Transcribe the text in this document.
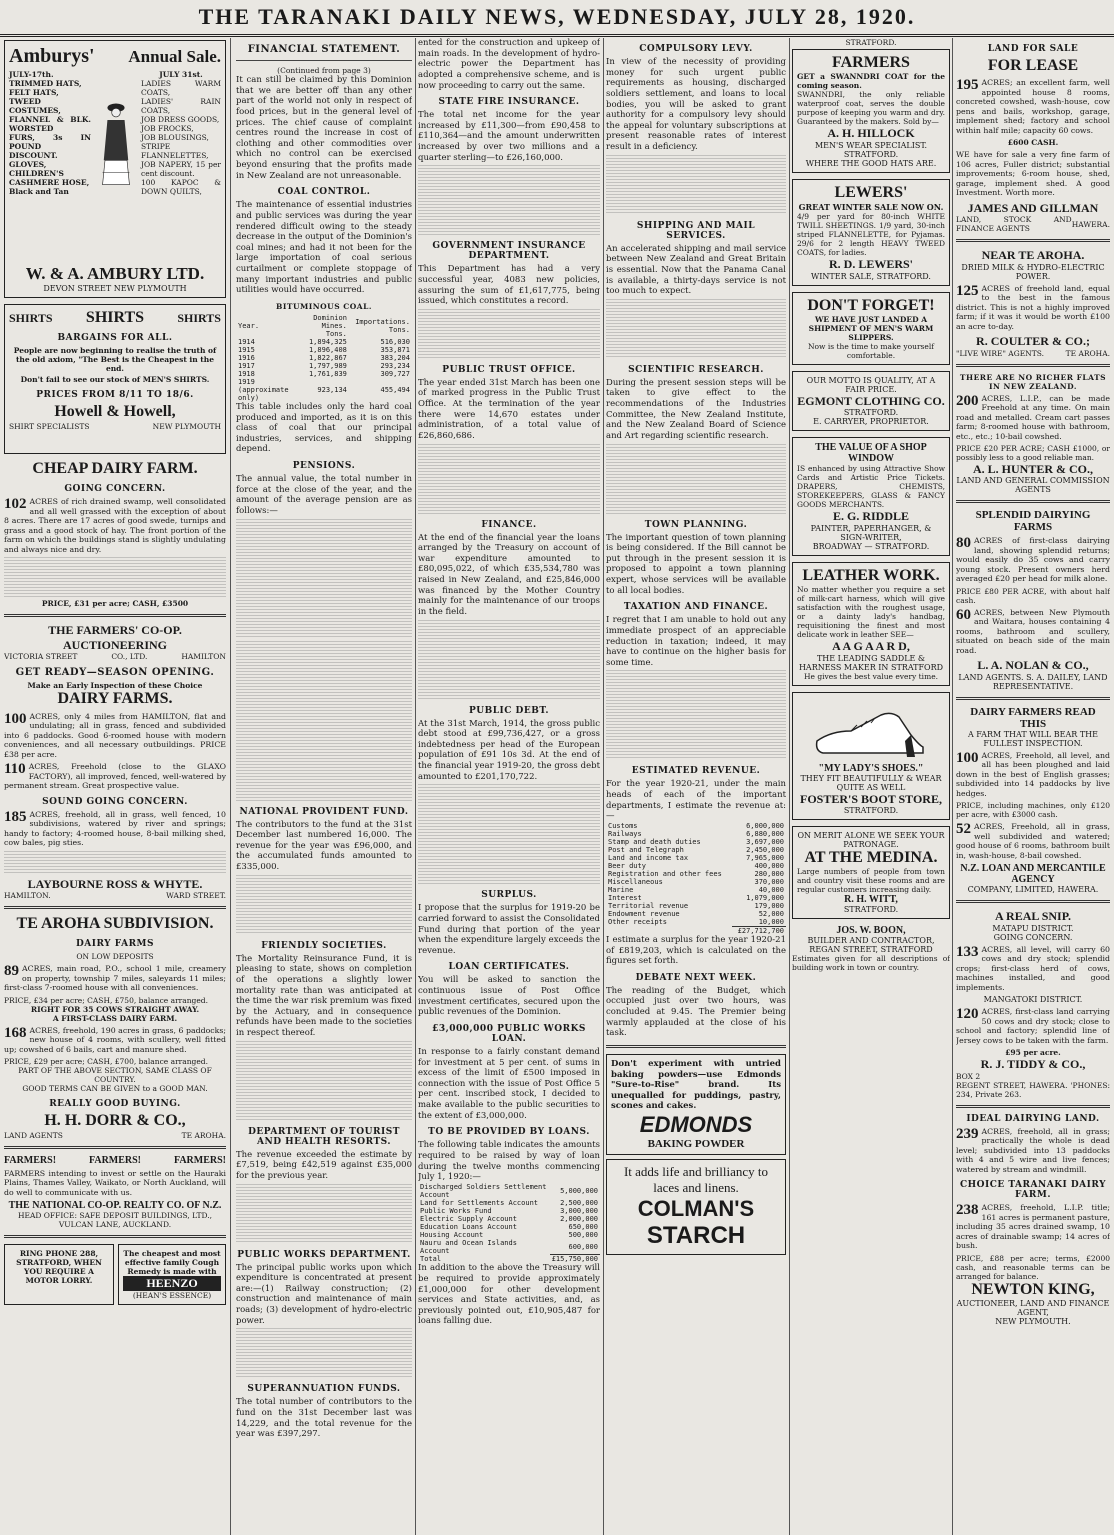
THE TARANAKI DAILY NEWS, WEDNESDAY, JULY 28, 1920.
Amburys' Annual Sale.
JULY-17th.
TRIMMED HATS,
FELT HATS,
TWEED COSTUMES,
FLANNEL & BLK. WORSTED
FURS, 3s IN POUND DISCOUNT.
GLOVES,
CHILDREN'S CASHMERE HOSE,
Black and Tan
JULY 31st.
LADIES WARM COATS,
LADIES' RAIN COATS,
JOB DRESS GOODS,
JOB FROCKS,
JOB BLOUSINGS,
STRIPE FLANNELETTES,
JOB NAPERY, 15 per cent discount.
100 KAPOC & DOWN QUILTS,
W. & A. AMBURY LTD.
DEVON STREET NEW PLYMOUTH
SHIRTS SHIRTS	SHIRTS
BARGAINS FOR ALL.
People are now beginning to realise the truth of the old axiom, "The Best is the Cheapest in the end.
Don't fail to see our stock of MEN'S SHIRTS.
PRICES FROM 8/11 TO 18/6.
Howell & Howell,
SHIRT SPECIALISTS	NEW PLYMOUTH
CHEAP DAIRY FARM.
GOING CONCERN.
102 ACRES of rich drained swamp, well consolidated and all well grassed with the exception of about 8 acres. There are 17 acres of good swede, turnips and grass and a good stock of hay. The front portion of the farm on which the buildings stand is slightly undulating and always nice and dry.
PRICE, £31 per acre; CASH, £3500
THE FARMERS' CO-OP. AUCTIONEERING
VICTORIA STREET	CO., LTD.	HAMILTON
GET READY—SEASON OPENING.
Make an Early Inspection of these Choice
DAIRY FARMS.
100 ACRES, only 4 miles from HAMILTON, flat and undulating; all in grass, fenced and subdivided into 6 paddocks. Good 6-roomed house with modern conveniences, and all necessary outbuildings. PRICE £38 per acre.
110 ACRES, Freehold (close to the GLAXO FACTORY), all improved, fenced, well-watered by permanent stream. Great prospective value.
SOUND GOING CONCERN.
185 ACRES, freehold, all in grass, well fenced, 10 subdivisions, watered by river and springs; handy to factory; 4-roomed house, 8-bail milking shed, cow bales, pig sties.
LAYBOURNE ROSS & WHYTE.
HAMILTON.	WARD STREET.
TE AROHA SUBDIVISION.
DAIRY FARMS
ON LOW DEPOSITS
89 ACRES, main road, P.O., school 1 mile, creamery on property, township 7 miles, saleyards 11 miles; first-class 7-roomed house with all conveniences.
PRICE, £34 per acre; CASH, £750, balance arranged.
RIGHT FOR 35 COWS STRAIGHT AWAY.
A FIRST-CLASS DAIRY FARM.
168 ACRES, freehold, 190 acres in grass, 6 paddocks; new house of 4 rooms, with scullery, well fitted up; cowshed of 6 bails, cart and manure shed.
PRICE, £29 per acre; CASH, £700, balance arranged.
PART OF THE ABOVE SECTION, SAME CLASS OF COUNTRY.
GOOD TERMS CAN BE GIVEN to a GOOD MAN.
REALLY GOOD BUYING.
H. H. DORR & CO.,
LAND AGENTS	TE AROHA.
FARMERS!	FARMERS!	FARMERS!
FARMERS intending to invest or settle on the Hauraki Plains, Thames Valley, Waikato, or North Auckland, will do well to communicate with us.
THE NATIONAL CO-OP. REALTY CO. OF N.Z.
HEAD OFFICE: SAFE DEPOSIT BUILDINGS, LTD., VULCAN LANE, AUCKLAND.
RING PHONE 288, STRATFORD, WHEN YOU REQUIRE A MOTOR LORRY.
The cheapest and most effective family Cough Remedy is made with
HEENZO
(HEAN'S ESSENCE)
FINANCIAL STATEMENT.
(Continued from page 3)
It can still be claimed by this Dominion that we are better off than any other part of the world not only in respect of food prices, but in the general level of prices. The chief cause of complaint centres round the increase in cost of clothing and other commodities over which no control can be exercised beyond ensuring that the profits made in New Zealand are not unreasonable.
COAL CONTROL.
The maintenance of essential industries and public services was during the year rendered difficult owing to the steady decrease in the output of the Dominion's coal mines; and had it not been for the large importation of coal serious curtailment or complete stoppage of many important industries and public utilities would have occurred.
BITUMINOUS COAL.
Year.	Dominion Mines. Tons.	Importations. Tons.
1914	1,894,325	516,030
1915	1,896,408	353,871
1916	1,822,867	383,204
1917	1,797,989	293,234
1918	1,761,839	309,727
1919 (approximate only)	923,134	455,494
This table includes only the hard coal produced and imported, as it is on this class of coal that our principal industries, services, and shipping depend.
PENSIONS.
The annual value, the total number in force at the close of the year, and the amount of the average pension are as follows:—
NATIONAL PROVIDENT FUND.
The contributors to the fund at the 31st December last numbered 16,000. The revenue for the year was £96,000, and the accumulated funds amounted to £335,000.
FRIENDLY SOCIETIES.
The Mortality Reinsurance Fund, it is pleasing to state, shows on completion of the operations a slightly lower mortality rate than was anticipated at the time the war risk premium was fixed by the Actuary, and in consequence refunds have been made to the societies in respect thereof.
DEPARTMENT OF TOURIST AND HEALTH RESORTS.
The revenue exceeded the estimate by £7,519, being £42,519 against £35,000 for the previous year.
PUBLIC WORKS DEPARTMENT.
The principal public works upon which expenditure is concentrated at present are:—(1) Railway construction; (2) construction and maintenance of main roads; (3) development of hydro-electric power.
SUPERANNUATION FUNDS.
The total number of contributors to the fund on the 31st December last was 14,229, and the total revenue for the year was £397,297.
ented for the construction and upkeep of main roads. In the development of hydro-electric power the Department has adopted a comprehensive scheme, and is now proceeding to carry out the same.
STATE FIRE INSURANCE.
The total net income for the year increased by £11,300—from £90,458 to £110,364—and the amount underwritten increased by over two millions and a quarter sterling—to £26,160,000.
GOVERNMENT INSURANCE DEPARTMENT.
This Department has had a very successful year, 4083 new policies, assuring the sum of £1,617,775, being issued, which constitutes a record.
PUBLIC TRUST OFFICE.
The year ended 31st March has been one of marked progress in the Public Trust Office. At the termination of the year there were 14,670 estates under administration, of a total value of £26,860,686.
FINANCE.
At the end of the financial year the loans arranged by the Treasury on account of war expenditure amounted to £80,095,022, of which £35,534,780 was raised in New Zealand, and £25,846,000 was financed by the Mother Country mainly for the maintenance of our troops in the field.
PUBLIC DEBT.
At the 31st March, 1914, the gross public debt stood at £99,736,427, or a gross indebtedness per head of the European population of £91 10s 3d. At the end of the financial year 1919-20, the gross debt amounted to £201,170,722.
SURPLUS.
I propose that the surplus for 1919-20 be carried forward to assist the Consolidated Fund during that portion of the year when the expenditure largely exceeds the revenue.
LOAN CERTIFICATES.
You will be asked to sanction the continuous issue of Post Office investment certificates, secured upon the public revenues of the Dominion.
£3,000,000 PUBLIC WORKS LOAN.
In response to a fairly constant demand for investment at 5 per cent. of sums in excess of the limit of £500 imposed in connection with the issue of Post Office 5 per cent. inscribed stock, I decided to make available to the public securities to the extent of £3,000,000.
TO BE PROVIDED BY LOANS.
The following table indicates the amounts required to be raised by way of loan during the twelve months commencing July 1, 1920:—
Discharged Soldiers Settlement Account	5,000,000
Land for Settlements Account	2,500,000
Public Works Fund	3,000,000
Electric Supply Account	2,000,000
Education Loans Account	650,000
Housing Account	500,000
Nauru and Ocean Islands Account	600,000
Total	£15,750,000
In addition to the above the Treasury will be required to provide approximately £1,000,000 for other development services and State activities, and, as previously pointed out, £10,905,487 for loans falling due.
COMPULSORY LEVY.
In view of the necessity of providing money for such urgent public requirements as housing, discharged soldiers settlement, and loans to local bodies, you will be asked to grant authority for a compulsory levy should the appeal for voluntary subscriptions at present reasonable rates of interest result in a deficiency.
SHIPPING AND MAIL SERVICES.
An accelerated shipping and mail service between New Zealand and Great Britain is essential. Now that the Panama Canal is available, a thirty-days service is not too much to expect.
SCIENTIFIC RESEARCH.
During the present session steps will be taken to give effect to the recommendations of the Industries Committee, the New Zealand Institute, and the New Zealand Board of Science and Art regarding scientific research.
TOWN PLANNING.
The important question of town planning is being considered. If the Bill cannot be put through in the present session it is proposed to appoint a town planning expert, whose services will be available to all local bodies.
TAXATION AND FINANCE.
I regret that I am unable to hold out any immediate prospect of an appreciable reduction in taxation; indeed, it may have to continue on the higher basis for some time.
ESTIMATED REVENUE.
For the year 1920-21, under the main heads of each of the important departments, I estimate the revenue at:—
Customs	6,000,000
Railways	6,880,000
Stamp and death duties	3,697,000
Post and Telegraph	2,450,000
Land and income tax	7,965,000
Beer duty	400,000
Registration and other fees	280,000
Miscellaneous	370,000
Marine	40,000
Interest	1,079,000
Territorial revenue	179,000
Endowment revenue	52,000
Other receipts	10,000
	£27,712,700
I estimate a surplus for the year 1920-21 of £819,203, which is calculated on the figures set forth.
DEBATE NEXT WEEK.
The reading of the Budget, which occupied just over two hours, was concluded at 9.45. The Premier being warmly applauded at the close of his task.
Don't experiment with untried baking powders—use Edmonds "Sure-to-Rise" brand. Its unequalled for puddings, pastry, scones and cakes.
EDMONDS
BAKING POWDER
It adds life and brilliancy to laces and linens.
COLMAN'S
STARCH
STRATFORD.
FARMERS
GET a SWANNDRI COAT for the coming season.
SWANNDRI, the only reliable waterproof coat, serves the double purpose of keeping you warm and dry. Guaranteed by the makers. Sold by—
A. H. HILLOCK
MEN'S WEAR SPECIALIST.
STRATFORD.
WHERE THE GOOD HATS ARE.
LEWERS'
GREAT WINTER SALE NOW ON.
4/9 per yard for 80-inch WHITE TWILL SHEETINGS. 1/9 yard, 30-inch striped FLANNELETTE, for Pyjamas. 29/6 for 2 length HEAVY TWEED COATS, for ladies.
R. D. LEWERS'
WINTER SALE, STRATFORD.
DON'T FORGET!
WE HAVE JUST LANDED A SHIPMENT OF MEN'S WARM SLIPPERS.
Now is the time to make yourself comfortable.
OUR MOTTO IS QUALITY, AT A FAIR PRICE.
EGMONT CLOTHING CO.
STRATFORD.
E. CARRYER, PROPRIETOR.
THE VALUE OF A SHOP WINDOW
IS enhanced by using Attractive Show Cards and Artistic Price Tickets. DRAPERS, CHEMISTS, STOREKEEPERS, GLASS & FANCY GOODS MERCHANTS.
E. G. RIDDLE
PAINTER, PAPERHANGER, & SIGN-WRITER,
BROADWAY — STRATFORD.
LEATHER WORK.
No matter whether you require a set of milk-cart harness, which will give satisfaction with the roughest usage, or a dainty lady's handbag, requisitioning the finest and most delicate work in leather SEE—
A A G A A R D,
THE LEADING SADDLE & HARNESS MAKER IN STRATFORD
He gives the best value every time.
"MY LADY'S SHOES."
THEY FIT BEAUTIFULLY & WEAR QUITE AS WELL
FOSTER'S BOOT STORE,
STRATFORD.
ON MERIT ALONE WE SEEK YOUR PATRONAGE.
AT THE MEDINA.
Large numbers of people from town and country visit these rooms and are regular customers increasing daily.
R. H. WITT,
STRATFORD.
JOS. W. BOON,
BUILDER AND CONTRACTOR, REGAN STREET, STRATFORD
Estimates given for all descriptions of building work in town or country.
LAND FOR SALE
FOR LEASE
195 ACRES; an excellent farm, well appointed house 8 rooms, concreted cowshed, wash-house, cow pens and bails, workshop, garage, implement shed; factory and school within half mile; capacity 60 cows.
£600 CASH.
WE have for sale a very fine farm of 106 acres, Fuller district; substantial improvements; 6-room house, shed, garage, implement shed. A good Investment. Worth more.
JAMES AND GILLMAN
LAND, STOCK AND FINANCE AGENTS	HAWERA.
NEAR TE AROHA.
DRIED MILK & HYDRO-ELECTRIC POWER.
125 ACRES of freehold land, equal to the best in the famous district. This is not a highly improved farm; if it was it would be worth £100 an acre to-day.
R. COULTER & CO.;
"LIVE WIRE" AGENTS.	TE AROHA.
THERE ARE NO RICHER FLATS IN NEW ZEALAND.
200 ACRES, L.I.P., can be made Freehold at any time. On main road and metalled. Cream cart passes farm; 8-roomed house with bathroom, etc., etc.; 10-bail cowshed.
PRICE £20 PER ACRE; CASH £1000, or possibly less to a good reliable man.
A. L. HUNTER & CO.,
LAND AND GENERAL COMMISSION AGENTS
SPLENDID DAIRYING FARMS
80 ACRES of first-class dairying land, showing splendid returns; would easily do 35 cows and carry young stock. Present owners herd averaged £20 per head for milk alone.
PRICE £80 PER ACRE, with about half cash.
60 ACRES, between New Plymouth and Waitara, houses containing 4 rooms, bathroom and scullery, situated on beach side of the main road.
L. A. NOLAN & CO.,
LAND AGENTS. S. A. DAILEY, LAND REPRESENTATIVE.
DAIRY FARMERS READ THIS
A FARM THAT WILL BEAR THE FULLEST INSPECTION.
100 ACRES, Freehold, all level, and all has been ploughed and laid down in the best of English grasses; subdivided into 14 paddocks by live hedges.
PRICE, including machines, only £120 per acre, with £3000 cash.
52 ACRES, Freehold, all in grass, well subdivided and watered; good house of 6 rooms, bathroom built in, wash-house, 8-bail cowshed.
N.Z. LOAN AND MERCANTILE AGENCY
COMPANY, LIMITED, HAWERA.
A REAL SNIP.
MATAPU DISTRICT.
GOING CONCERN.
133 ACRES, all level, will carry 60 cows and dry stock; splendid crops; first-class herd of cows, machines installed, and good implements.
MANGATOKI DISTRICT.
120 ACRES, first-class land carrying 50 cows and dry stock; close to school and factory; splendid line of Jersey cows to be taken with the farm.
£95 per acre.
R. J. TIDDY & CO.,
BOX 2
REGENT STREET, HAWERA. 'PHONES: 234, Private 263.
IDEAL DAIRYING LAND.
239 ACRES, freehold, all in grass; practically the whole is dead level; subdivided into 13 paddocks with 4 and 5 wire and live fences; watered by stream and windmill.
CHOICE TARANAKI DAIRY FARM.
238 ACRES, freehold, L.I.P. title; 161 acres is permanent pasture, including 35 acres drained swamp, 10 acres of drainable swamp; 14 acres of bush.
PRICE, £88 per acre; terms, £2000 cash, and reasonable terms can be arranged for balance.
NEWTON KING,
AUCTIONEER, LAND AND FINANCE AGENT,
NEW PLYMOUTH.
